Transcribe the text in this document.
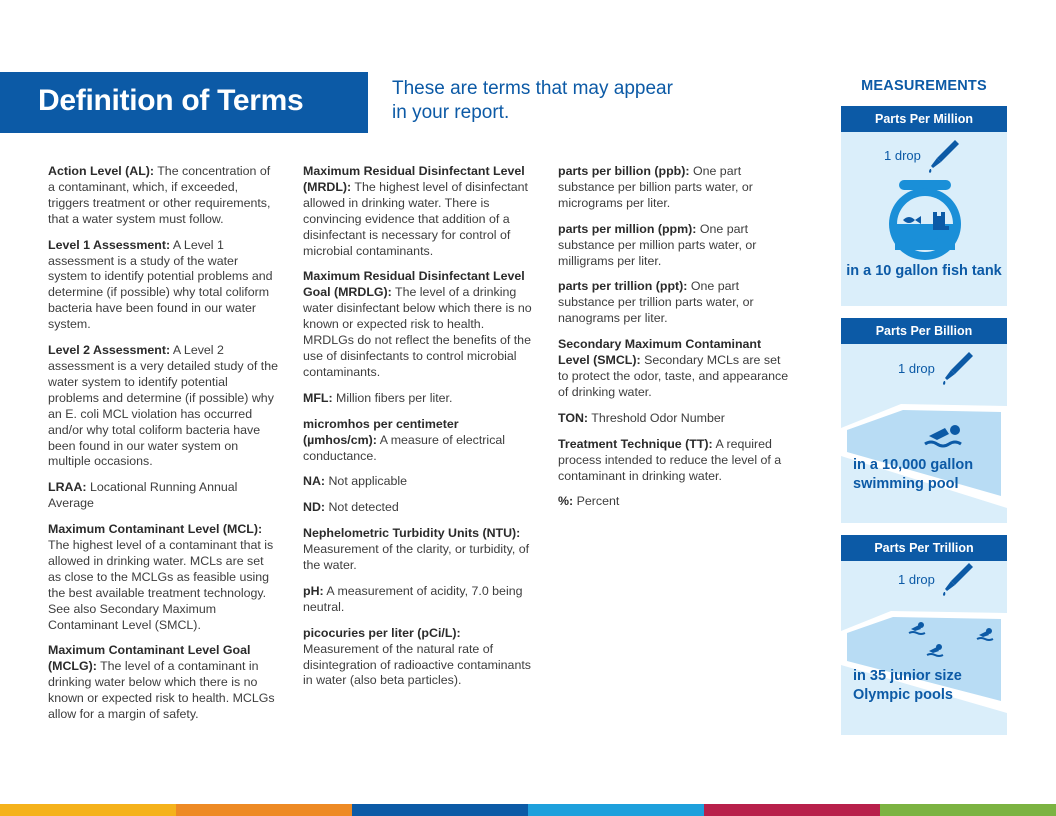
Definition of Terms	These are terms that may appear in your report.

Action Level (AL): The concentration of a contaminant, which, if exceeded, triggers treatment or other requirements, that a water system must follow.

Level 1 Assessment: A Level 1 assessment is a study of the water system to identify potential problems and determine (if possible) why total coliform bacteria have been found in our water system.

Level 2 Assessment: A Level 2 assessment is a very detailed study of the water system to identify potential problems and determine (if possible) why an E. coli MCL violation has occurred and/or why total coliform bacteria have been found in our water system on multiple occasions.

LRAA: Locational Running Annual Average

Maximum Contaminant Level (MCL): The highest level of a contaminant that is allowed in drinking water. MCLs are set as close to the MCLGs as feasible using the best available treatment technology. See also Secondary Maximum Contaminant Level (SMCL).

Maximum Contaminant Level Goal (MCLG): The level of a contaminant in drinking water below which there is no known or expected risk to health. MCLGs allow for a margin of safety.

Maximum Residual Disinfectant Level (MRDL): The highest level of disinfectant allowed in drinking water. There is convincing evidence that addition of a disinfectant is necessary for control of microbial contaminants.

Maximum Residual Disinfectant Level Goal (MRDLG): The level of a drinking water disinfectant below which there is no known or expected risk to health. MRDLGs do not reflect the benefits of the use of disinfectants to control microbial contaminants.

MFL: Million fibers per liter.

micromhos per centimeter (µmhos/cm): A measure of electrical conductance.

NA: Not applicable

ND: Not detected

Nephelometric Turbidity Units (NTU): Measurement of the clarity, or turbidity, of the water.

pH: A measurement of acidity, 7.0 being neutral.

picocuries per liter (pCi/L): Measurement of the natural rate of disintegration of radioactive contaminants in water (also beta particles).

parts per billion (ppb): One part substance per billion parts water, or micrograms per liter.

parts per million (ppm): One part substance per million parts water, or milligrams per liter.

parts per trillion (ppt): One part substance per trillion parts water, or nanograms per liter.

Secondary Maximum Contaminant Level (SMCL): Secondary MCLs are set to protect the odor, taste, and appearance of drinking water.

TON: Threshold Odor Number

Treatment Technique (TT): A required process intended to reduce the level of a contaminant in drinking water.

%: Percent

MEASUREMENTS
Parts Per Million
1 drop
in a 10 gallon fish tank
Parts Per Billion
1 drop
in a 10,000 gallon swimming pool
Parts Per Trillion
1 drop
in 35 junior size Olympic pools
